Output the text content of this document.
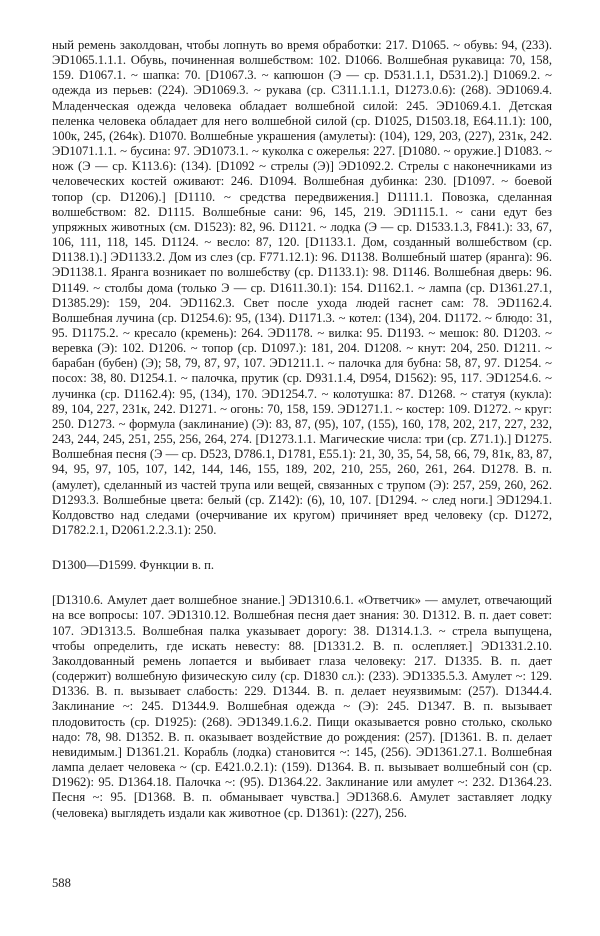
ный ремень заколдован, чтобы лопнуть во время обработки: 217. D1065. ~ обувь: 94, (233). ЭD1065.1.1.1. Обувь, починенная волшебством: 102. D1066. Волшебная рукавица: 70, 158, 159. D1067.1. ~ шапка: 70. [D1067.3. ~ капюшон (Э — ср. D531.1.1, D531.2).] D1069.2. ~ одежда из перьев: (224). ЭD1069.3. ~ рукава (ср. C311.1.1.1, D1273.0.6): (268). ЭD1069.4. Младенческая одежда человека обладает волшебной силой: 245. ЭD1069.4.1. Детская пеленка человека обладает для него волшебной силой (ср. D1025, D1503.18, E64.11.1): 100, 100к, 245, (264к). D1070. Волшебные украшения (амулеты): (104), 129, 203, (227), 231к, 242. ЭD1071.1.1. ~ бусина: 97. ЭD1073.1. ~ куколка с ожерелья: 227. [D1080. ~ оружие.] D1083. ~ нож (Э — ср. K113.6): (134). [D1092 ~ стрелы (Э)] ЭD1092.2. Стрелы с наконечниками из человеческих костей оживают: 246. D1094. Волшебная дубинка: 230. [D1097. ~ боевой топор (ср. D1206).] [D1110. ~ средства передвижения.] D1111.1. Повозка, сделанная волшебством: 82. D1115. Волшебные сани: 96, 145, 219. ЭD1115.1. ~ сани едут без упряжных животных (см. D1523): 82, 96. D1121. ~ лодка (Э — ср. D1533.1.3, F841.): 33, 67, 106, 111, 118, 145. D1124. ~ весло: 87, 120. [D1133.1. Дом, созданный волшебством (ср. D1138.1).] ЭD1133.2. Дом из слез (ср. F771.12.1): 96. D1138. Волшебный шатер (яранга): 96. ЭD1138.1. Яранга возникает по волшебству (ср. D1133.1): 98. D1146. Волшебная дверь: 96. D1149. ~ столбы дома (только Э — ср. D1611.30.1): 154. D1162.1. ~ лампа (ср. D1361.27.1, D1385.29): 159, 204. ЭD1162.3. Свет после ухода людей гаснет сам: 78. ЭD1162.4. Волшебная лучина (ср. D1254.6): 95, (134). D1171.3. ~ котел: (134), 204. D1172. ~ блюдо: 31, 95. D1175.2. ~ кресало (кремень): 264. ЭD1178. ~ вилка: 95. D1193. ~ мешок: 80. D1203. ~ веревка (Э): 102. D1206. ~ топор (ср. D1097.): 181, 204. D1208. ~ кнут: 204, 250. D1211. ~ барабан (бубен) (Э); 58, 79, 87, 97, 107. ЭD1211.1. ~ палочка для бубна: 58, 87, 97. D1254. ~ посох: 38, 80. D1254.1. ~ палочка, прутик (ср. D931.1.4, D954, D1562): 95, 117. ЭD1254.6. ~ лучинка (ср. D1162.4): 95, (134), 170. ЭD1254.7. ~ колотушка: 87. D1268. ~ статуя (кукла): 89, 104, 227, 231к, 242. D1271. ~ огонь: 70, 158, 159. ЭD1271.1. ~ костер: 109. D1272. ~ круг: 250. D1273. ~ формула (заклинание) (Э): 83, 87, (95), 107, (155), 160, 178, 202, 217, 227, 232, 243, 244, 245, 251, 255, 256, 264, 274. [D1273.1.1. Магические числа: три (ср. Z71.1).] D1275. Волшебная песня (Э — ср. D523, D786.1, D1781, E55.1): 21, 30, 35, 54, 58, 66, 79, 81к, 83, 87, 94, 95, 97, 105, 107, 142, 144, 146, 155, 189, 202, 210, 255, 260, 261, 264. D1278. В. п. (амулет), сделанный из частей трупа или вещей, связанных с трупом (Э): 257, 259, 260, 262. D1293.3. Волшебные цвета: белый (ср. Z142): (6), 10, 107. [D1294. ~ след ноги.] ЭD1294.1. Колдовство над следами (очерчивание их кругом) причиняет вред человеку (ср. D1272, D1782.2.1, D2061.2.2.3.1): 250.

D1300—D1599. Функции в. п.

[D1310.6. Амулет дает волшебное знание.] ЭD1310.6.1. «Ответчик» — амулет, отвечающий на все вопросы: 107. ЭD1310.12. Волшебная песня дает знания: 30. D1312. В. п. дает совет: 107. ЭD1313.5. Волшебная палка указывает дорогу: 38. D1314.1.3. ~ стрела выпущена, чтобы определить, где искать невесту: 88. [D1331.2. В. п. ослепляет.] ЭD1331.2.10. Заколдованный ремень лопается и выбивает глаза человеку: 217. D1335. В. п. дает (содержит) волшебную физическую силу (ср. D1830 сл.): (233). ЭD1335.5.3. Амулет ~: 129. D1336. В. п. вызывает слабость: 229. D1344. В. п. делает неуязвимым: (257). D1344.4. Заклинание ~: 245. D1344.9. Волшебная одежда ~ (Э): 245. D1347. В. п. вызывает плодовитость (ср. D1925): (268). ЭD1349.1.6.2. Пищи оказывается ровно столько, сколько надо: 78, 98. D1352. В. п. оказывает воздействие до рождения: (257). [D1361. В. п. делает невидимым.] D1361.21. Корабль (лодка) становится ~: 145, (256). ЭD1361.27.1. Волшебная лампа делает человека ~ (ср. E421.0.2.1): (159). D1364. В. п. вызывает волшебный сон (ср. D1962): 95. D1364.18. Палочка ~: (95). D1364.22. Заклинание или амулет ~: 232. D1364.23. Песня ~: 95. [D1368. В. п. обманывает чувства.] ЭD1368.6. Амулет заставляет лодку (человека) выглядеть издали как животное (ср. D1361): (227), 256.

588
